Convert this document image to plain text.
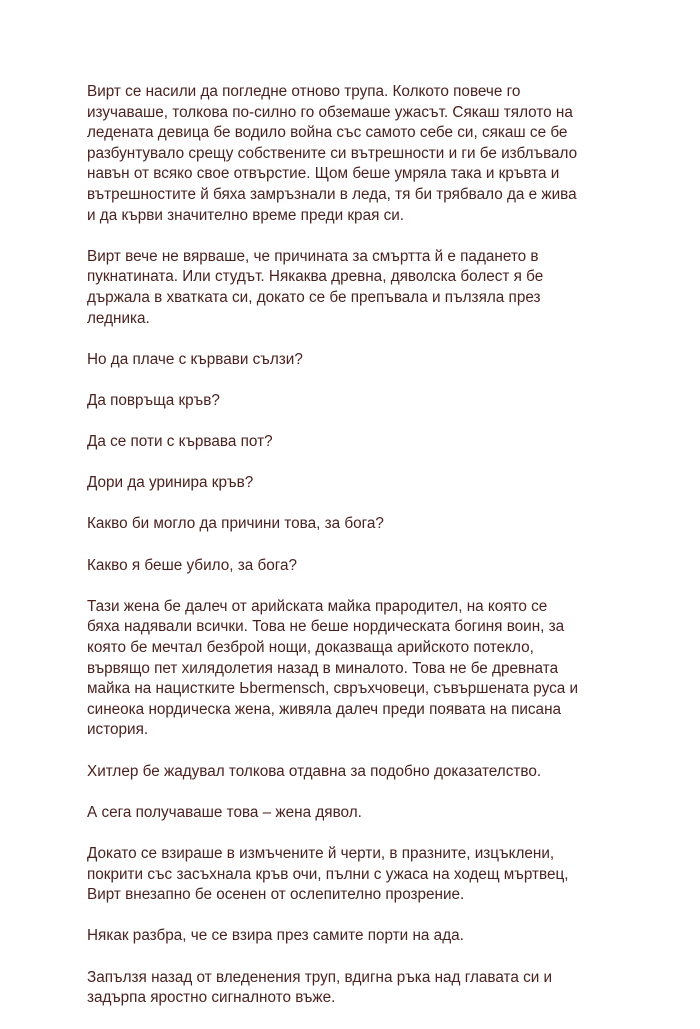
Вирт се насили да погледне отново трупа. Колкото повече го
изучаваше, толкова по-силно го обземаше ужасът. Сякаш тялото на
ледената девица бе водило война със самото себе си, сякаш се бе
разбунтувало срещу собствените си вътрешности и ги бе изблъвало
навън от всяко свое отвърстие. Щом беше умряла така и кръвта и
вътрешностите й бяха замръзнали в леда, тя би трябвало да е жива
и да кърви значително време преди края си.

Вирт вече не вярваше, че причината за смъртта й е падането в
пукнатината. Или студът. Някаква древна, дяволска болест я бе
държала в хватката си, докато се бе препъвала и пълзяла през
ледника.

Но да плаче с кървави сълзи?

Да повръща кръв?

Да се поти с кървава пот?

Дори да уринира кръв?

Какво би могло да причини това, за бога?

Какво я беше убило, за бога?

Тази жена бе далеч от арийската майка прародител, на която се
бяха надявали всички. Това не беше нордическата богиня воин, за
която бе мечтал безброй нощи, доказваща арийското потекло,
вървящо пет хилядолетия назад в миналото. Това не бе древната
майка на нацистките Ьbermensch, свръхчовеци, съвършената руса и
синеока нордическа жена, живяла далеч преди появата на писана
история.

Хитлер бе жадувал толкова отдавна за подобно доказателство.

А сега получаваше това – жена дявол.

Докато се взираше в измъчените й черти, в празните, изцъклени,
покрити със засъхнала кръв очи, пълни с ужаса на ходещ мъртвец,
Вирт внезапно бе осенен от ослепително прозрение.

Някак разбра, че се взира през самите порти на ада.

Запълзя назад от вледенения труп, вдигна ръка над главата си и
задърпа яростно сигналното въже.
